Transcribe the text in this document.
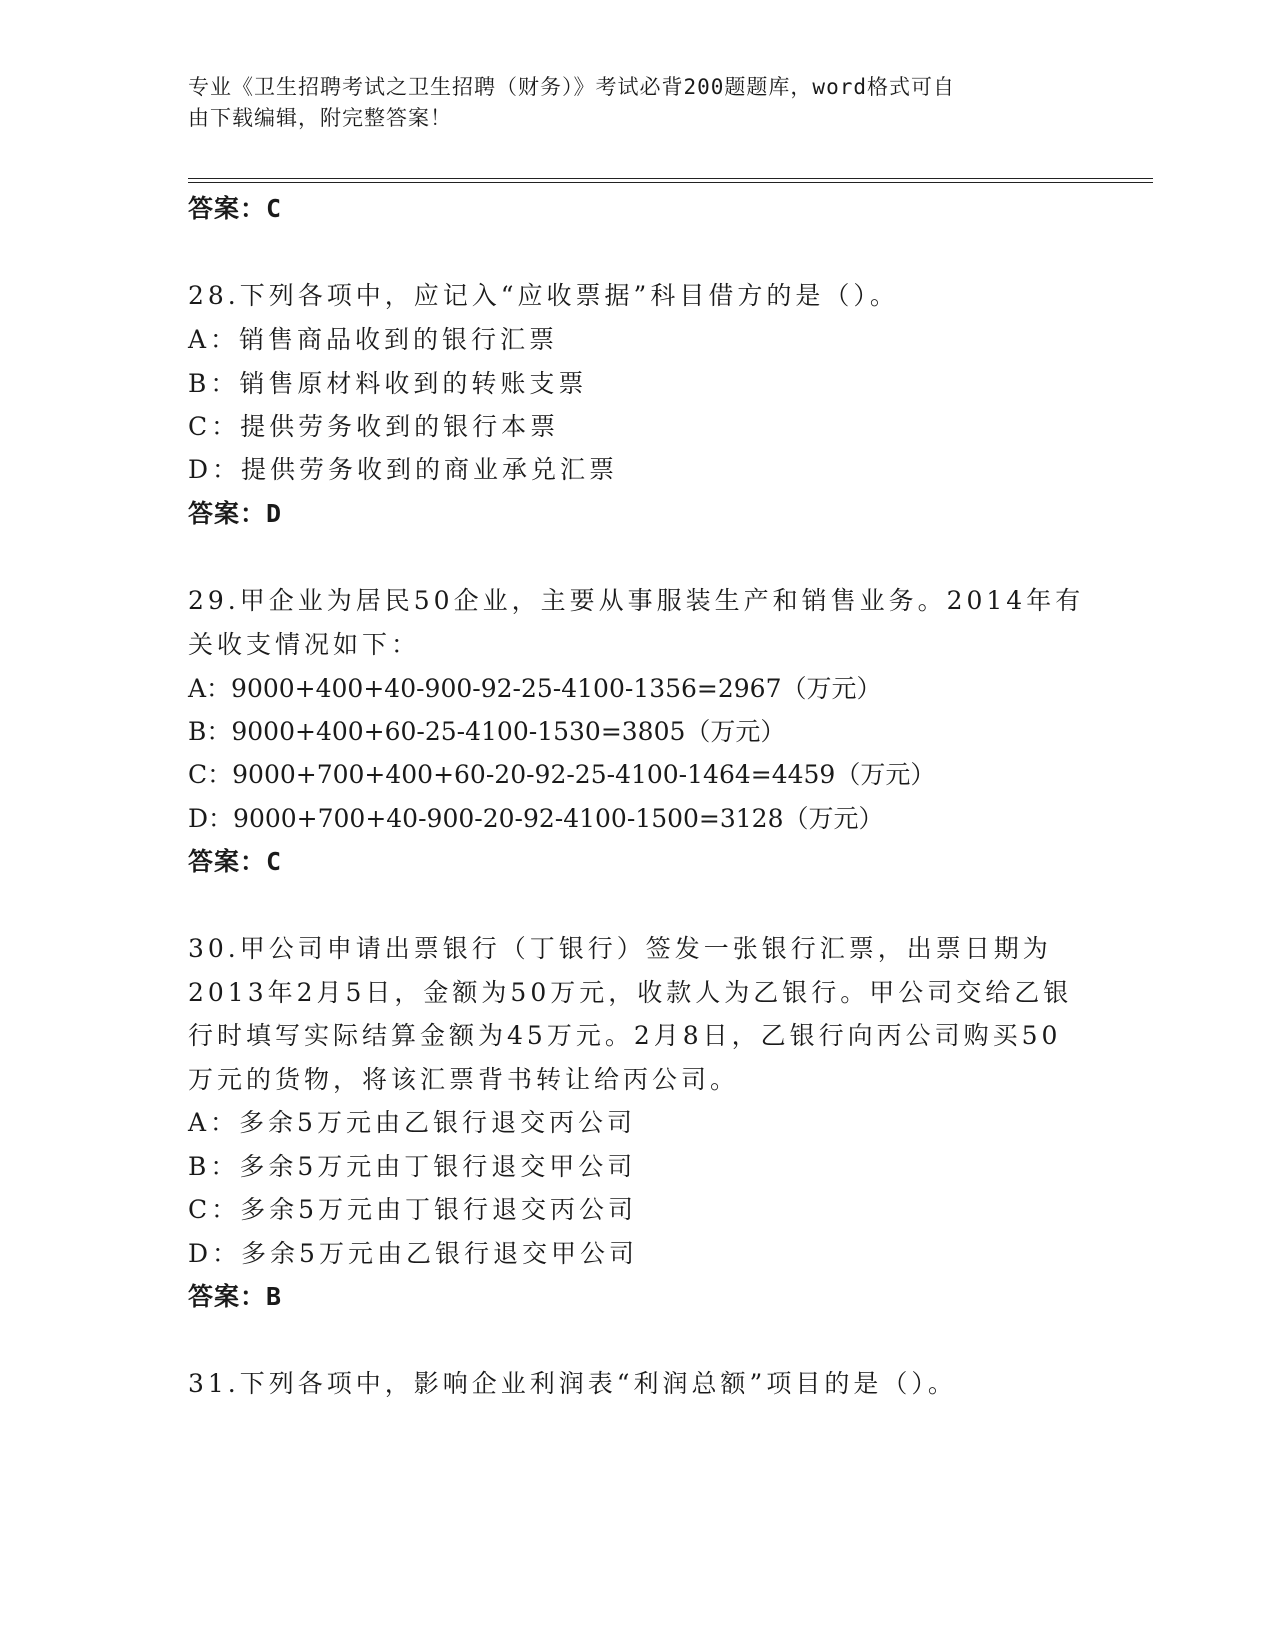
专业《卫生招聘考试之卫生招聘（财务）》考试必背200题题库，word格式可自
由下载编辑，附完整答案！
答案：C
28.下列各项中，应记入“应收票据”科目借方的是（）。
A：销售商品收到的银行汇票
B：销售原材料收到的转账支票
C：提供劳务收到的银行本票
D：提供劳务收到的商业承兑汇票
答案：D
29.甲企业为居民50企业，主要从事服装生产和销售业务。2014年有
关收支情况如下：
A：9000+400+40-900-92-25-4100-1356=2967（万元）
B：9000+400+60-25-4100-1530=3805（万元）
C：9000+700+400+60-20-92-25-4100-1464=4459（万元）
D：9000+700+40-900-20-92-4100-1500=3128（万元）
答案：C
30.甲公司申请出票银行（丁银行）签发一张银行汇票，出票日期为
2013年2月5日，金额为50万元，收款人为乙银行。甲公司交给乙银
行时填写实际结算金额为45万元。2月8日，乙银行向丙公司购买50
万元的货物，将该汇票背书转让给丙公司。
A：多余5万元由乙银行退交丙公司
B：多余5万元由丁银行退交甲公司
C：多余5万元由丁银行退交丙公司
D：多余5万元由乙银行退交甲公司
答案：B
31.下列各项中，影响企业利润表“利润总额”项目的是（）。
